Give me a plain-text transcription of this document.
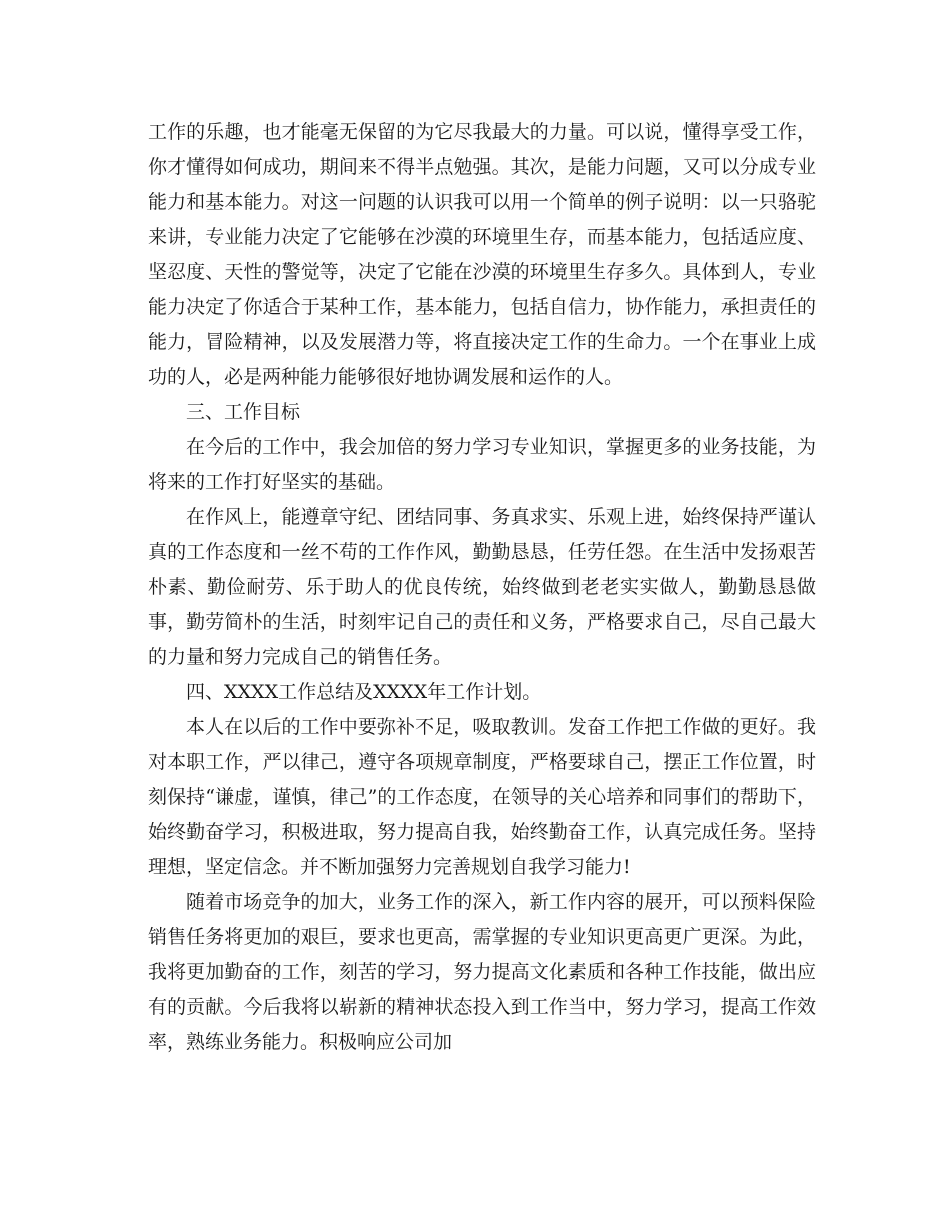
工作的乐趣，也才能毫无保留的为它尽我最大的力量。可以说，懂得享受工作，你才懂得如何成功，期间来不得半点勉强。其次，是能力问题，又可以分成专业能力和基本能力。对这一问题的认识我可以用一个简单的例子说明：以一只骆驼来讲，专业能力决定了它能够在沙漠的环境里生存，而基本能力，包括适应度、坚忍度、天性的警觉等，决定了它能在沙漠的环境里生存多久。具体到人，专业能力决定了你适合于某种工作，基本能力，包括自信力，协作能力，承担责任的能力，冒险精神，以及发展潜力等，将直接决定工作的生命力。一个在事业上成功的人，必是两种能力能够很好地协调发展和运作的人。

三、工作目标

在今后的工作中，我会加倍的努力学习专业知识，掌握更多的业务技能，为将来的工作打好坚实的基础。

在作风上，能遵章守纪、团结同事、务真求实、乐观上进，始终保持严谨认真的工作态度和一丝不苟的工作作风，勤勤恳恳，任劳任怨。在生活中发扬艰苦朴素、勤俭耐劳、乐于助人的优良传统，始终做到老老实实做人，勤勤恳恳做事，勤劳简朴的生活，时刻牢记自己的责任和义务，严格要求自己，尽自己最大的力量和努力完成自己的销售任务。

四、XXXX工作总结及XXXX年工作计划。

本人在以后的工作中要弥补不足，吸取教训。发奋工作把工作做的更好。我对本职工作，严以律己，遵守各项规章制度，严格要球自己，摆正工作位置，时刻保持“谦虚，谨慎，律己”的工作态度，在领导的关心培养和同事们的帮助下，始终勤奋学习，积极进取，努力提高自我，始终勤奋工作，认真完成任务。坚持理想，坚定信念。并不断加强努力完善规划自我学习能力!

随着市场竞争的加大，业务工作的深入，新工作内容的展开，可以预料保险销售任务将更加的艰巨，要求也更高，需掌握的专业知识更高更广更深。为此，我将更加勤奋的工作，刻苦的学习，努力提高文化素质和各种工作技能，做出应有的贡献。今后我将以崭新的精神状态投入到工作当中，努力学习，提高工作效率，熟练业务能力。积极响应公司加
